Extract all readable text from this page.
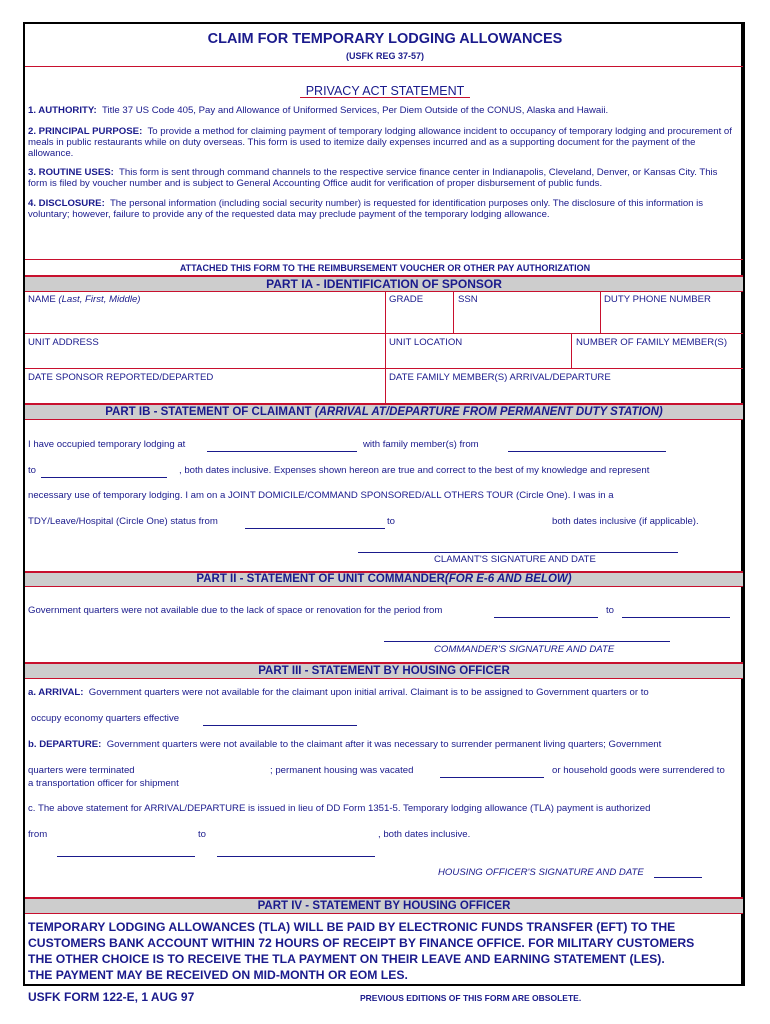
CLAIM FOR TEMPORARY LODGING ALLOWANCES
(USFK REG 37-57)
PRIVACY ACT STATEMENT
1. AUTHORITY: Title 37 US Code 405, Pay and Allowance of Uniformed Services, Per Diem Outside of the CONUS, Alaska and Hawaii.
2. PRINCIPAL PURPOSE: To provide a method for claiming payment of temporary lodging allowance incident to occupancy of temporary lodging and procurement of meals in public restaurants while on duty overseas. This form is used to itemize daily expenses incurred and as a supporting document for the payment of the allowance.
3. ROUTINE USES: This form is sent through command channels to the respective service finance center in Indianapolis, Cleveland, Denver, or Kansas City. This form is filed by voucher number and is subject to General Accounting Office audit for verification of proper disbursement of public funds.
4. DISCLOSURE: The personal information (including social security number) is requested for identification purposes only. The disclosure of this information is voluntary; however, failure to provide any of the requested data may preclude payment of the temporary lodging allowance.
ATTACHED THIS FORM TO THE REIMBURSEMENT VOUCHER OR OTHER PAY AUTHORIZATION
PART IA - IDENTIFICATION OF SPONSOR
NAME (Last, First, Middle)	GRADE	SSN	DUTY PHONE NUMBER
UNIT ADDRESS	UNIT LOCATION	NUMBER OF FAMILY MEMBER(S)
DATE SPONSOR REPORTED/DEPARTED	DATE FAMILY MEMBER(S) ARRIVAL/DEPARTURE
PART IB - STATEMENT OF CLAIMANT (ARRIVAL AT/DEPARTURE FROM PERMANENT DUTY STATION)
I have occupied temporary lodging at	with family member(s) from
to	, both dates inclusive. Expenses shown hereon are true and correct to the best of my knowledge and represent
necessary use of temporary lodging. I am on a JOINT DOMICILE/COMMAND SPONSORED/ALL OTHERS TOUR (Circle One). I was in a
TDY/Leave/Hospital (Circle One) status from	to	both dates inclusive (if applicable).
CLAMANT'S SIGNATURE AND DATE
PART II - STATEMENT OF UNIT COMMANDER(FOR E-6 AND BELOW)
Government quarters were not available due to the lack of space or renovation for the period from	to
COMMANDER'S SIGNATURE AND DATE
PART III - STATEMENT BY HOUSING OFFICER
a. ARRIVAL: Government quarters were not available for the claimant upon initial arrival. Claimant is to be assigned to Government quarters or to
occupy economy quarters effective
b. DEPARTURE: Government quarters were not available to the claimant after it was necessary to surrender permanent living quarters; Government
quarters were terminated	; permanent housing was vacated	or household goods were surrendered to
a transportation officer for shipment
c. The above statement for ARRIVAL/DEPARTURE is issued in lieu of DD Form 1351-5. Temporary lodging allowance (TLA) payment is authorized
from	to	, both dates inclusive.
HOUSING OFFICER'S SIGNATURE AND DATE
PART IV - STATEMENT BY HOUSING OFFICER
TEMPORARY LODGING ALLOWANCES (TLA) WILL BE PAID BY ELECTRONIC FUNDS TRANSFER (EFT) TO THE
CUSTOMERS BANK ACCOUNT WITHIN 72 HOURS OF RECEIPT BY FINANCE OFFICE. FOR MILITARY CUSTOMERS
THE OTHER CHOICE IS TO RECEIVE THE TLA PAYMENT ON THEIR LEAVE AND EARNING STATEMENT (LES).
THE PAYMENT MAY BE RECEIVED ON MID-MONTH OR EOM LES.
USFK FORM 122-E, 1 AUG 97	PREVIOUS EDITIONS OF THIS FORM ARE OBSOLETE.
